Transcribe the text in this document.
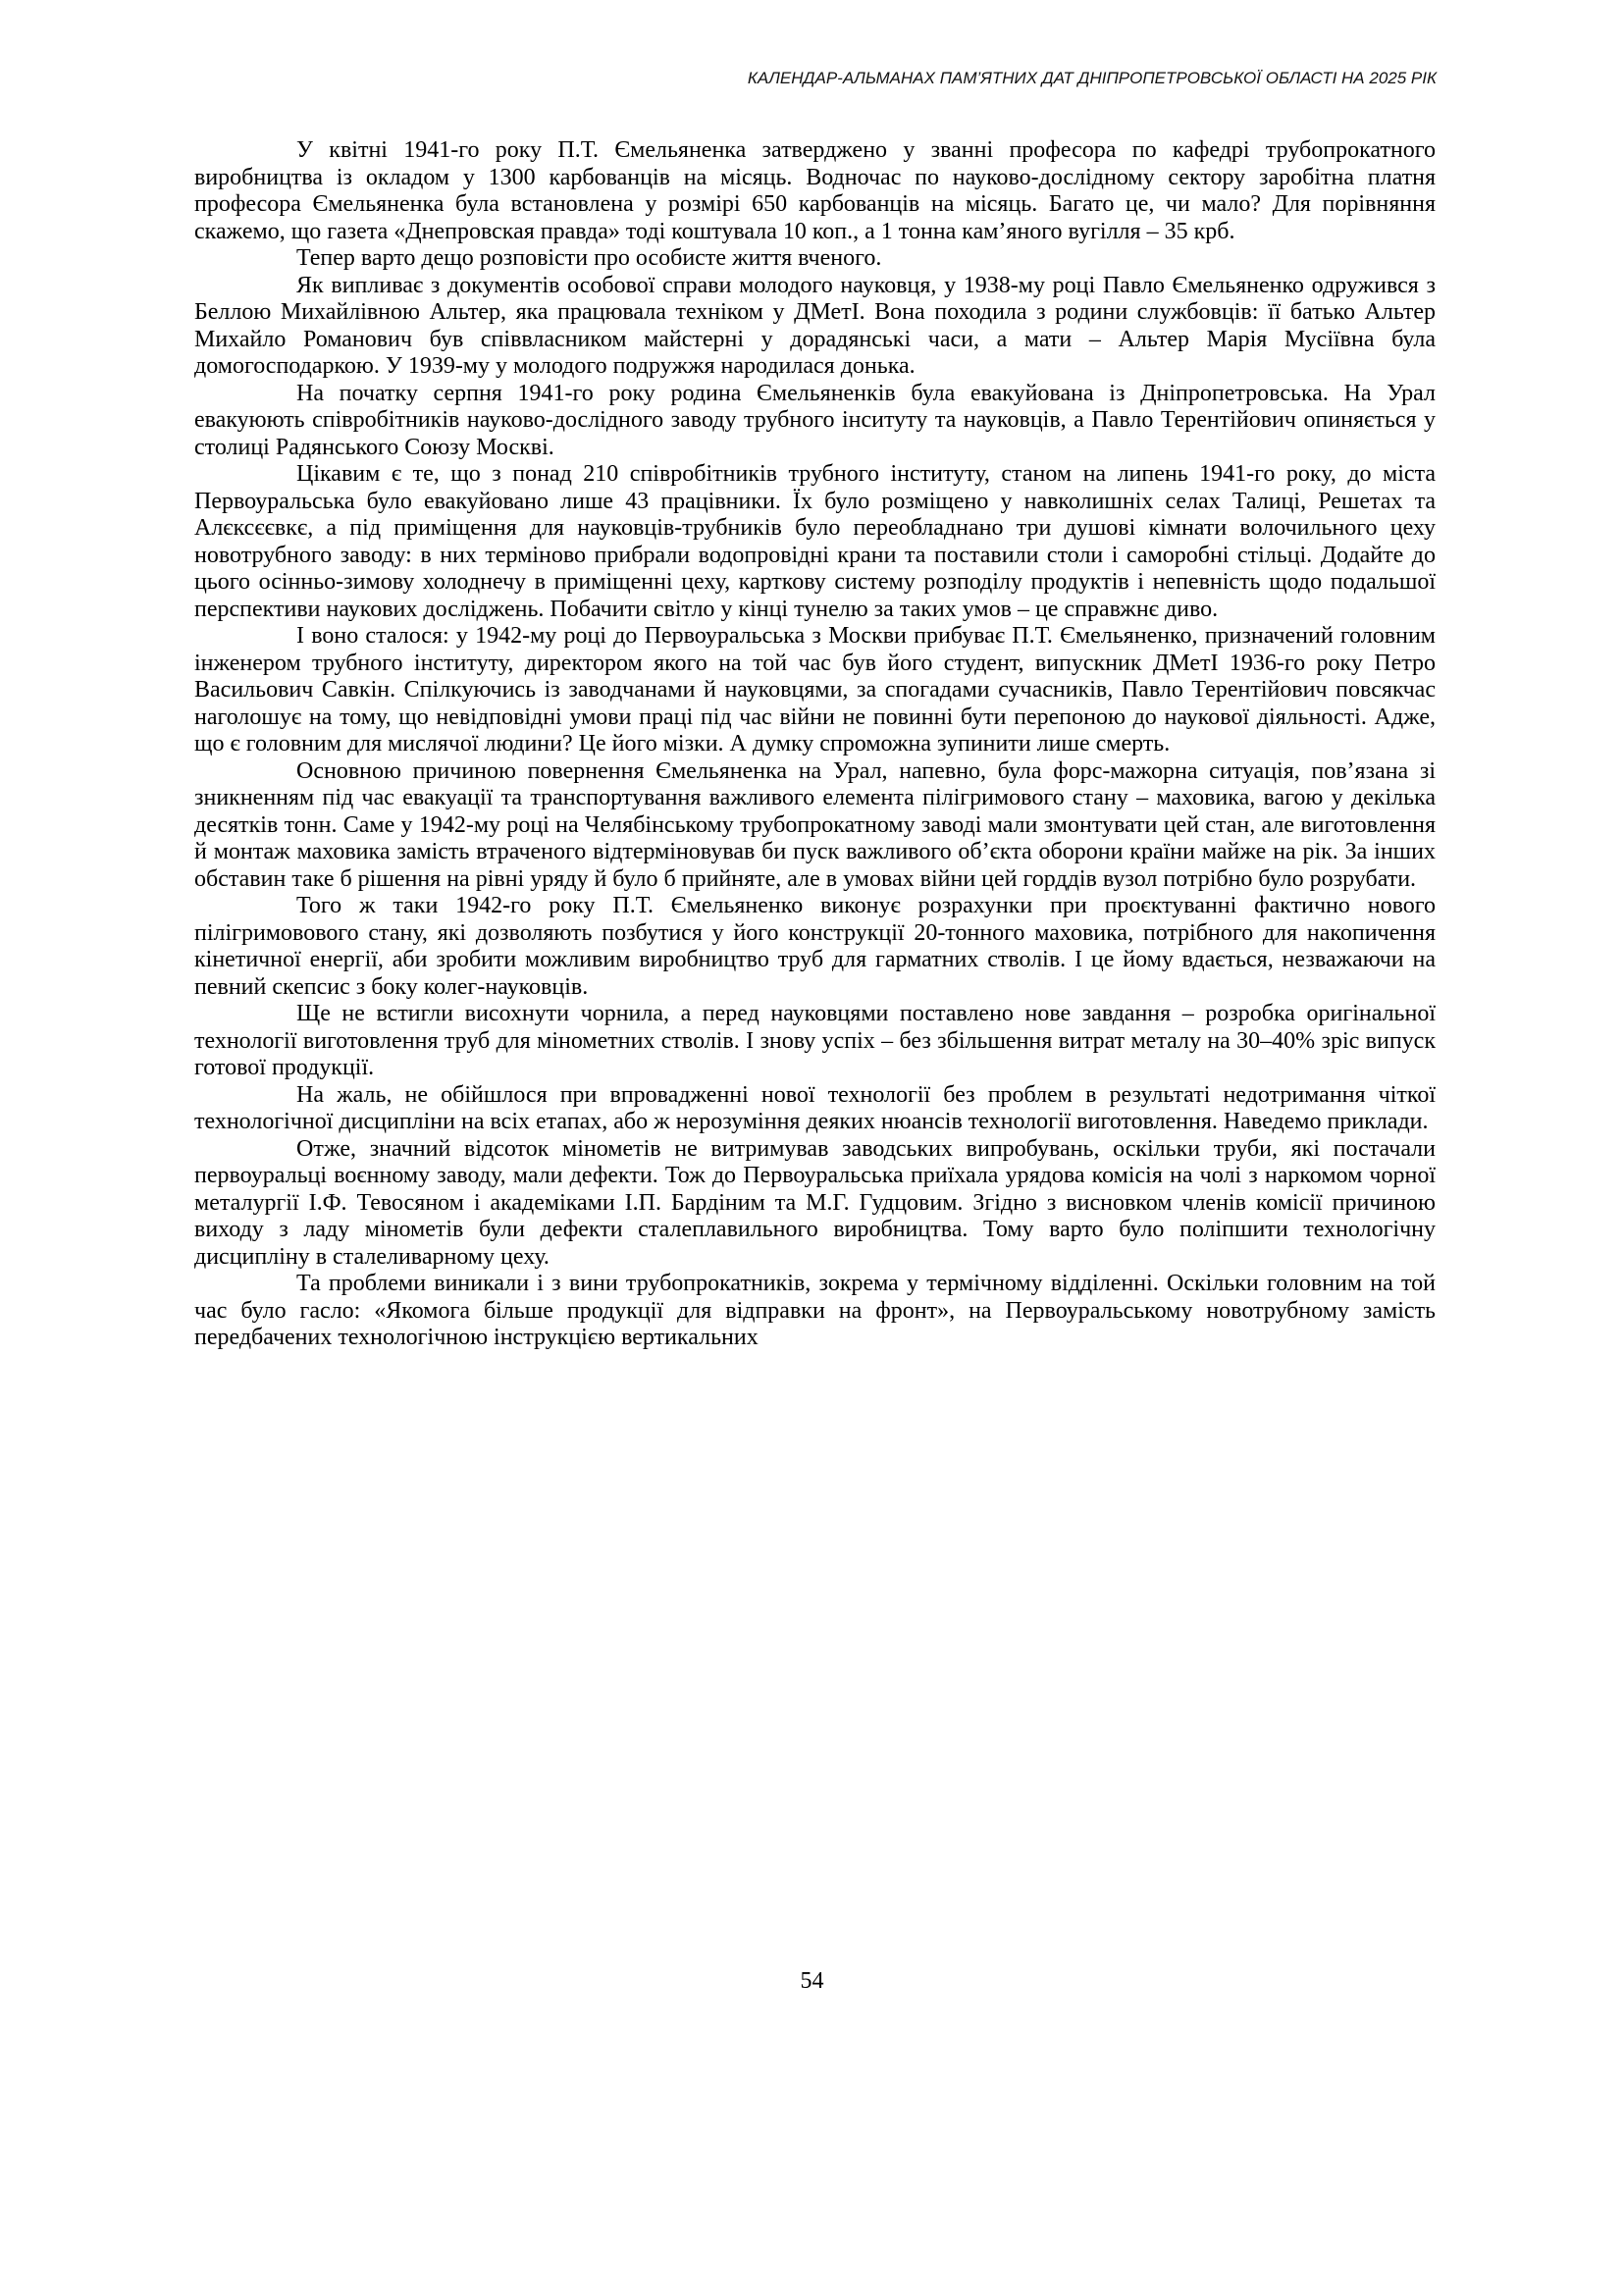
КАЛЕНДАР-АЛЬМАНАХ ПАМ’ЯТНИХ ДАТ ДНІПРОПЕТРОВСЬКОЇ ОБЛАСТІ НА 2025 РІК

У квітні 1941-го року П.Т. Ємельяненка затверджено у званні професора по кафедрі трубопрокатного виробництва із окладом у 1300 карбованців на місяць. Водночас по науково-дослідному сектору заробітна платня професора Ємельяненка була встановлена у розмірі 650 карбованців на місяць. Багато це, чи мало? Для порівняння скажемо, що газета «Днепровская правда» тоді коштувала 10 коп., а 1 тонна кам’яного вугілля – 35 крб.

Тепер варто дещо розповісти про особисте життя вченого.

Як випливає з документів особової справи молодого науковця, у 1938-му році Павло Ємельяненко одружився з Беллою Михайлівною Альтер, яка працювала техніком у ДМетІ. Вона походила з родини службовців: її батько Альтер Михайло Романович був співвласником майстерні у дорадянські часи, а мати – Альтер Марія Мусіївна була домогосподаркою. У 1939-му у молодого подружжя народилася донька.

На початку серпня 1941-го року родина Ємельяненків була евакуйована із Дніпропетровська. На Урал евакуюють співробітників науково-дослідного заводу трубного інситуту та науковців, а Павло Терентійович опиняється у столиці Радянського Союзу Москві.

Цікавим є те, що з понад 210 співробітників трубного інституту, станом на липень 1941-го року, до міста Первоуральська було евакуйовано лише 43 працівники. Їх було розміщено у навколишніх селах Талиці, Решетах та Алєксєєвкє, а під приміщення для науковців-трубників було переобладнано три душові кімнати волочильного цеху новотрубного заводу: в них терміново прибрали водопровідні крани та поставили столи і саморобні стільці. Додайте до цього осінньо-зимову холоднечу в приміщенні цеху, карткову систему розподілу продуктів і непевність щодо подальшої перспективи наукових досліджень. Побачити світло у кінці тунелю за таких умов – це справжнє диво.

І воно сталося: у 1942-му році до Первоуральська з Москви прибуває П.Т. Ємельяненко, призначений головним інженером трубного інституту, директором якого на той час був його студент, випускник ДМетІ 1936-го року Петро Васильович Савкін. Спілкуючись із заводчанами й науковцями, за спогадами сучасників, Павло Терентійович повсякчас наголошує на тому, що невідповідні умови праці під час війни не повинні бути перепоною до наукової діяльності. Адже, що є головним для мислячої людини? Це його мізки. А думку спроможна зупинити лише смерть.

Основною причиною повернення Ємельяненка на Урал, напевно, була форс-мажорна ситуація, пов’язана зі зникненням під час евакуації та транспортування важливого елемента пілігримового стану – маховика, вагою у декілька десятків тонн. Саме у 1942-му році на Челябінському трубопрокатному заводі мали змонтувати цей стан, але виготовлення й монтаж маховика замість втраченого відтерміновував би пуск важливого об’єкта оборони країни майже на рік. За інших обставин таке б рішення на рівні уряду й було б прийняте, але в умовах війни цей горддів вузол потрібно було розрубати.

Того ж таки 1942-го року П.Т. Ємельяненко виконує розрахунки при проєктуванні фактично нового пілігримовового стану, які дозволяють позбутися у його конструкції 20-тонного маховика, потрібного для накопичення кінетичної енергії, аби зробити можливим виробництво труб для гарматних стволів. І це йому вдається, незважаючи на певний скепсис з боку колег-науковців.

Ще не встигли висохнути чорнила, а перед науковцями поставлено нове завдання – розробка оригінальної технології виготовлення труб для мінометних стволів. І знову успіх – без збільшення витрат металу на 30–40% зріс випуск готової продукції.

На жаль, не обійшлося при впровадженні нової технології без проблем в результаті недотримання чіткої технологічної дисципліни на всіх етапах, або ж нерозуміння деяких нюансів технології виготовлення. Наведемо приклади.

Отже, значний відсоток мінометів не витримував заводських випробувань, оскільки труби, які постачали первоуральці воєнному заводу, мали дефекти. Тож до Первоуральська приїхала урядова комісія на чолі з наркомом чорної металургії І.Ф. Тевосяном і академіками І.П. Бардіним та М.Г. Гудцовим. Згідно з висновком членів комісії причиною виходу з ладу мінометів були дефекти сталеплавильного виробництва. Тому варто було поліпшити технологічну дисципліну в сталеливарному цеху.

Та проблеми виникали і з вини трубопрокатників, зокрема у термічному відділенні. Оскільки головним на той час було гасло: «Якомога більше продукції для відправки на фронт», на Первоуральському новотрубному замість передбачених технологічною інструкцією вертикальних

54
